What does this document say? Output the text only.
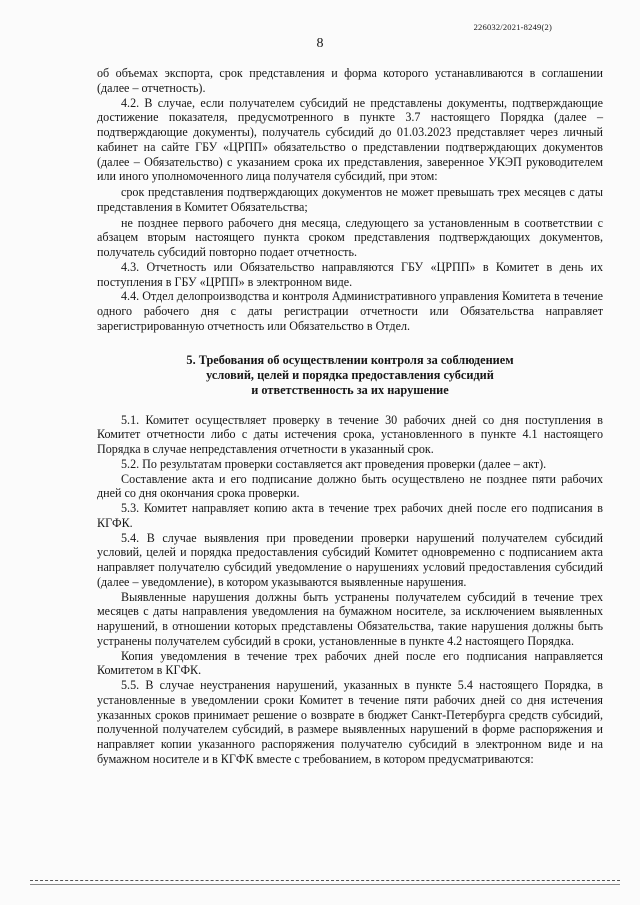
226032/2021-8249(2)
8

об объемах экспорта, срок представления и форма которого устанавливаются в соглашении (далее – отчетность).

4.2. В случае, если получателем субсидий не представлены документы, подтверждающие достижение показателя, предусмотренного в пункте 3.7 настоящего Порядка (далее – подтверждающие документы), получатель субсидий до 01.03.2023 представляет через личный кабинет на сайте ГБУ «ЦРПП» обязательство о представлении подтверждающих документов (далее – Обязательство) с указанием срока их представления, заверенное УКЭП руководителем или иного уполномоченного лица получателя субсидий, при этом:

срок представления подтверждающих документов не может превышать трех месяцев с даты представления в Комитет Обязательства;

не позднее первого рабочего дня месяца, следующего за установленным в соответствии с абзацем вторым настоящего пункта сроком представления подтверждающих документов, получатель субсидий повторно подает отчетность.

4.3. Отчетность или Обязательство направляются ГБУ «ЦРПП» в Комитет в день их поступления в ГБУ «ЦРПП» в электронном виде.

4.4. Отдел делопроизводства и контроля Административного управления Комитета в течение одного рабочего дня с даты регистрации отчетности или Обязательства направляет зарегистрированную отчетность или Обязательство в Отдел.

5. Требования об осуществлении контроля за соблюдением
условий, целей и порядка предоставления субсидий
и ответственность за их нарушение

5.1. Комитет осуществляет проверку в течение 30 рабочих дней со дня поступления в Комитет отчетности либо с даты истечения срока, установленного в пункте 4.1 настоящего Порядка в случае непредставления отчетности в указанный срок.

5.2. По результатам проверки составляется акт проведения проверки (далее – акт).

Составление акта и его подписание должно быть осуществлено не позднее пяти рабочих дней со дня окончания срока проверки.

5.3. Комитет направляет копию акта в течение трех рабочих дней после его подписания в КГФК.

5.4. В случае выявления при проведении проверки нарушений получателем субсидий условий, целей и порядка предоставления субсидий Комитет одновременно с подписанием акта направляет получателю субсидий уведомление о нарушениях условий предоставления субсидий (далее – уведомление), в котором указываются выявленные нарушения.

Выявленные нарушения должны быть устранены получателем субсидий в течение трех месяцев с даты направления уведомления на бумажном носителе, за исключением выявленных нарушений, в отношении которых представлены Обязательства, такие нарушения должны быть устранены получателем субсидий в сроки, установленные в пункте 4.2 настоящего Порядка.

Копия уведомления в течение трех рабочих дней после его подписания направляется Комитетом в КГФК.

5.5. В случае неустранения нарушений, указанных в пункте 5.4 настоящего Порядка, в установленные в уведомлении сроки Комитет в течение пяти рабочих дней со дня истечения указанных сроков принимает решение о возврате в бюджет Санкт-Петербурга средств субсидий, полученной получателем субсидий, в размере выявленных нарушений в форме распоряжения и направляет копии указанного распоряжения получателю субсидий в электронном виде и на бумажном носителе и в КГФК вместе с требованием, в котором предусматриваются:
